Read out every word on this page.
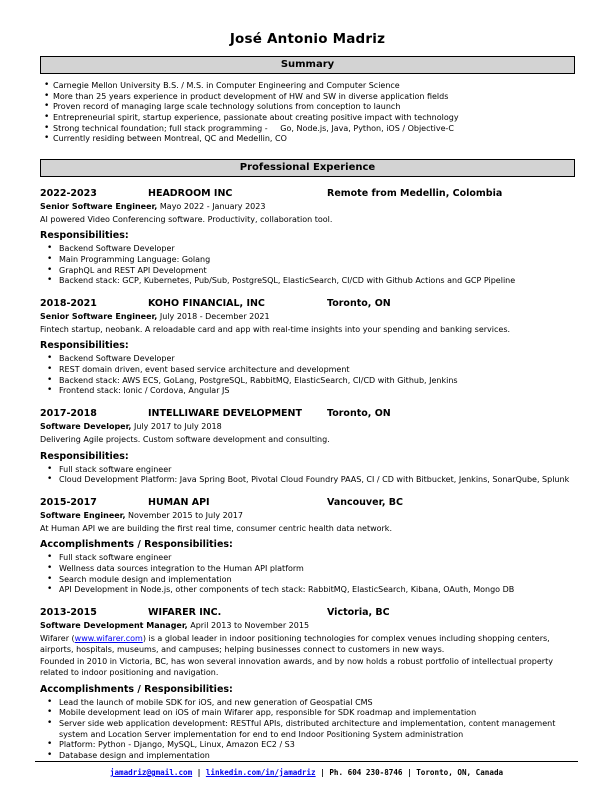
José Antonio Madriz
Summary
• Carnegie Mellon University B.S. / M.S. in Computer Engineering and Computer Science
• More than 25 years experience in product development of HW and SW in diverse application fields
• Proven record of managing large scale technology solutions from conception to launch
• Entrepreneurial spirit, startup experience, passionate about creating positive impact with technology
• Strong technical foundation; full stack programming -     Go, Node.js, Java, Python, iOS / Objective-C
• Currently residing between Montreal, QC and Medellin, CO
Professional Experience
2022-2023	HEADROOM INC	Remote from Medellin, Colombia
Senior Software Engineer, Mayo 2022 - January 2023

AI powered Video Conferencing software. Productivity, collaboration tool.

Responsibilities:
• Backend Software Developer
• Main Programming Language: Golang
• GraphQL and REST API Development
• Backend stack: GCP, Kubernetes, Pub/Sub, PostgreSQL, ElasticSearch, CI/CD with Github Actions and GCP Pipeline
2018-2021	KOHO FINANCIAL, INC	Toronto, ON
Senior Software Engineer, July 2018 - December 2021

Fintech startup, neobank. A reloadable card and app with real-time insights into your spending and banking services.

Responsibilities:
• Backend Software Developer
• REST domain driven, event based service architecture and development
• Backend stack: AWS ECS, GoLang, PostgreSQL, RabbitMQ, ElasticSearch, CI/CD with Github, Jenkins
• Frontend stack: Ionic / Cordova, Angular JS
2017-2018	INTELLIWARE DEVELOPMENT	Toronto, ON
Software Developer, July 2017 to July 2018

Delivering Agile projects. Custom software development and consulting.

Responsibilities:
• Full stack software engineer
• Cloud Development Platform: Java Spring Boot, Pivotal Cloud Foundry PAAS, CI / CD with Bitbucket, Jenkins, SonarQube, Splunk
2015-2017	HUMAN API	Vancouver, BC
Software Engineer, November 2015 to July 2017

At Human API we are building the first real time, consumer centric health data network.

Accomplishments / Responsibilities:
• Full stack software engineer
• Wellness data sources integration to the Human API platform
• Search module design and implementation
• API Development in Node.js, other components of tech stack: RabbitMQ, ElasticSearch, Kibana, OAuth, Mongo DB
2013-2015	WIFARER INC.	Victoria, BC
Software Development Manager, April 2013 to November 2015

Wifarer (www.wifarer.com) is a global leader in indoor positioning technologies for complex venues including shopping centers, airports, hospitals, museums, and campuses; helping businesses connect to customers in new ways.

Founded in 2010 in Victoria, BC, has won several innovation awards, and by now holds a robust portfolio of intellectual property related to indoor positioning and navigation.

Accomplishments / Responsibilities:
• Lead the launch of mobile SDK for iOS, and new generation of Geospatial CMS
• Mobile development lead on iOS of main Wifarer app, responsible for SDK roadmap and implementation
• Server side web application development: RESTful APIs, distributed architecture and implementation, content management system and Location Server implementation for end to end Indoor Positioning System administration
• Platform: Python - Django, MySQL, Linux, Amazon EC2 / S3
• Database design and implementation
jamadriz@gmail.com | linkedin.com/in/jamadriz | Ph. 604 230-8746 | Toronto, ON, Canada
